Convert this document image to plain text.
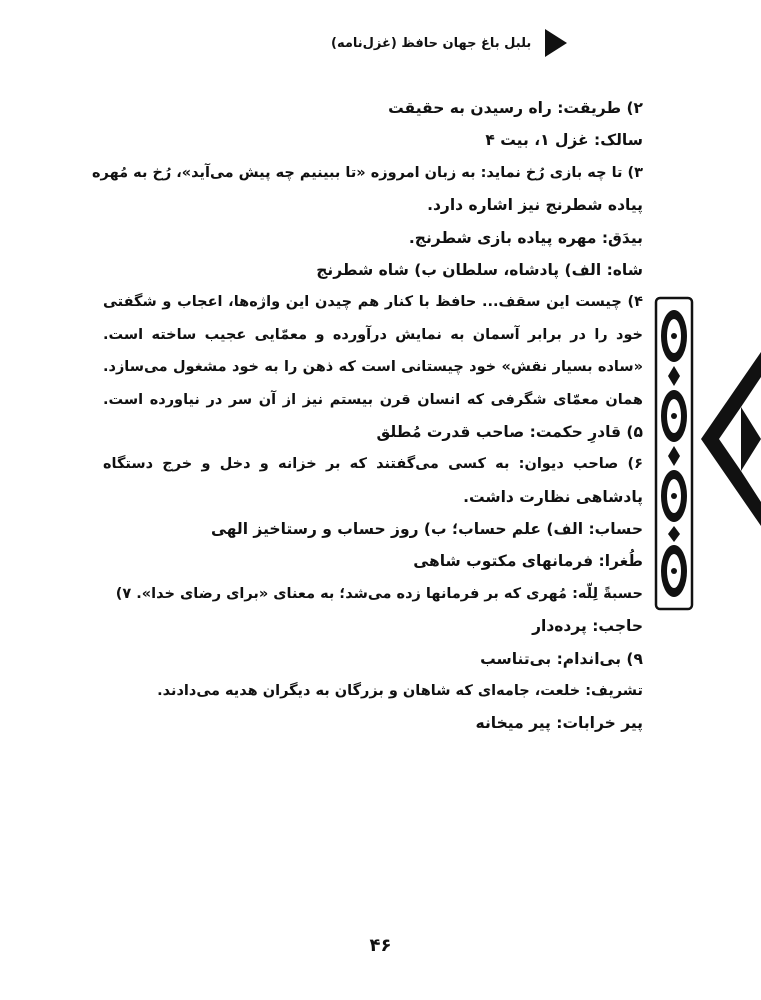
بلبل باغ جهان حافظ (غزل‌نامه)
۲) طریقت: راه رسیدن به حقیقت
سالک: غزل ۱، بیت ۴
۳) تا چه بازی رُخ نماید: به زبان امروزه «تا ببینیم چه پیش می‌آید»، رُخ به مُهره
پیاده شطرنج نیز اشاره دارد.
بیدَق: مهره پیاده بازی شطرنج.
شاه: الف) پادشاه، سلطان ب) شاه شطرنج
۴) چیست این سقف... حافظ با کنار هم چیدن این واژه‌ها، اعجاب و شگفتی
خود را در برابر آسمان به نمایش درآورده و معمّایی عجیب ساخته است.
«ساده بسیار نقش» خود چیستانی است که ذهن را به خود مشغول می‌سازد.
همان معمّای شگرفی که انسان قرن بیستم نیز از آن سر در نیاورده است.
۵) قادرِ حکمت: صاحب قدرت مُطلق
۶) صاحب دیوان: به کسی می‌گفتند که بر خزانه و دخل و خرج دستگاه
پادشاهی نظارت داشت.
حساب: الف) علم حساب؛ ب) روز حساب و رستاخیز الهی
طُغرا: فرمانهای مکتوب شاهی
حسبةً لِلّه: مُهری که بر فرمانها زده می‌شد؛ به معنای «برای رضای خدا». ۷)
حاجب: پرده‌دار
۹) بی‌اندام: بی‌تناسب
تشریف: خلعت، جامه‌ای که شاهان و بزرگان به دیگران هدیه می‌دادند.
پیر خرابات: پیر میخانه
۴۶
